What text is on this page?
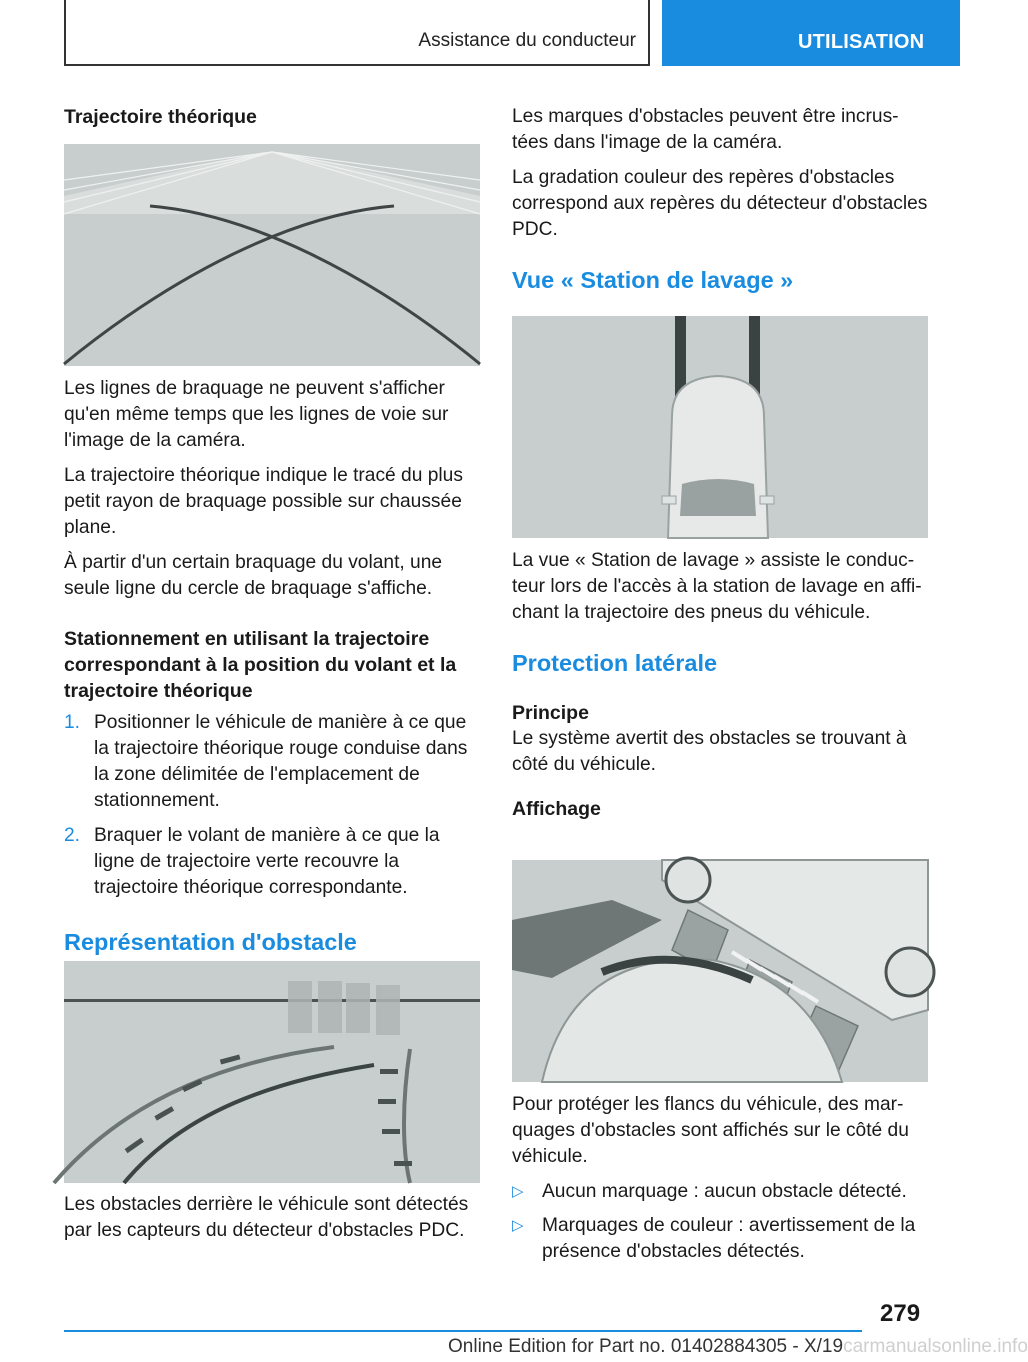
Assistance du conducteur	UTILISATION
Trajectoire théorique

Les lignes de braquage ne peuvent s'afficher qu'en même temps que les lignes de voie sur l'image de la caméra.

La trajectoire théorique indique le tracé du plus petit rayon de braquage possible sur chaussée plane.

À partir d'un certain braquage du volant, une seule ligne du cercle de braquage s'affiche.

Stationnement en utilisant la trajectoire correspondant à la position du volant et la trajectoire théorique
1. Positionner le véhicule de manière à ce que la trajectoire théorique rouge conduise dans la zone délimitée de l'emplacement de stationnement.
2. Braquer le volant de manière à ce que la ligne de trajectoire verte recouvre la trajectoire théorique correspondante.
Représentation d'obstacle

Les obstacles derrière le véhicule sont détectés par les capteurs du détecteur d'obstacles PDC.

Les marques d'obstacles peuvent être incrustées dans l'image de la caméra.

La gradation couleur des repères d'obstacles correspond aux repères du détecteur d'obstacles PDC.

Vue « Station de lavage »

La vue « Station de lavage » assiste le conducteur lors de l'accès à la station de lavage en affichant la trajectoire des pneus du véhicule.

Protection latérale
Principe

Le système avertit des obstacles se trouvant à côté du véhicule.

Affichage

Pour protéger les flancs du véhicule, des marquages d'obstacles sont affichés sur le côté du véhicule.

▷ Aucun marquage : aucun obstacle détecté.
▷ Marquages de couleur : avertissement de la présence d'obstacles détectés.
279
Online Edition for Part no. 01402884305 - X/19carmanualsonline.info
